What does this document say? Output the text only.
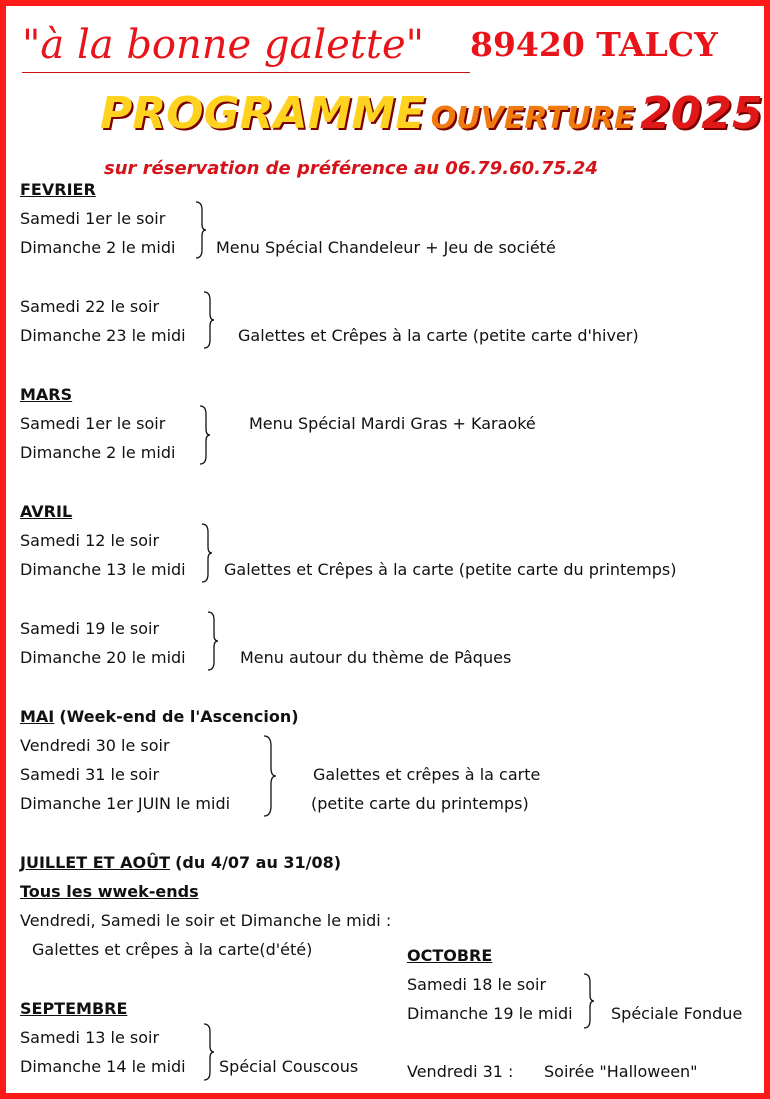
"à la bonne galette" 89420 TALCY
PROGRAMME OUVERTURE 2025
sur réservation de préférence au 06.79.60.75.24
FEVRIER
Samedi 1er le soir
Dimanche 2 le midi	Menu Spécial Chandeleur + Jeu de société
Samedi 22 le soir
Dimanche 23 le midi	Galettes et Crêpes à la carte (petite carte d'hiver)
MARS
Samedi 1er le soir
Dimanche 2 le midi
Menu Spécial Mardi Gras + Karaoké
AVRIL
Samedi 12 le soir
Dimanche 13 le midi Galettes et Crêpes à la carte (petite carte du printemps)
Samedi 19 le soir
Dimanche 20 le midi	Menu autour du thème de Pâques
MAI (Week-end de l'Ascencion)
Vendredi 30 le soir
Samedi 31 le soir
Dimanche 1er JUIN le midi
Galettes et crêpes à la carte
(petite carte du printemps)
JUILLET ET AOÛT (du 4/07 au 31/08)
Tous les wwek-ends
Vendredi, Samedi le soir et Dimanche le midi :
Galettes et crêpes à la carte(d'été)
SEPTEMBRE
Samedi 13 le soir
Dimanche 14 le midi Spécial Couscous
OCTOBRE
Samedi 18 le soir
Dimanche 19 le midi Spéciale Fondue
Vendredi 31 : Soirée "Halloween"
